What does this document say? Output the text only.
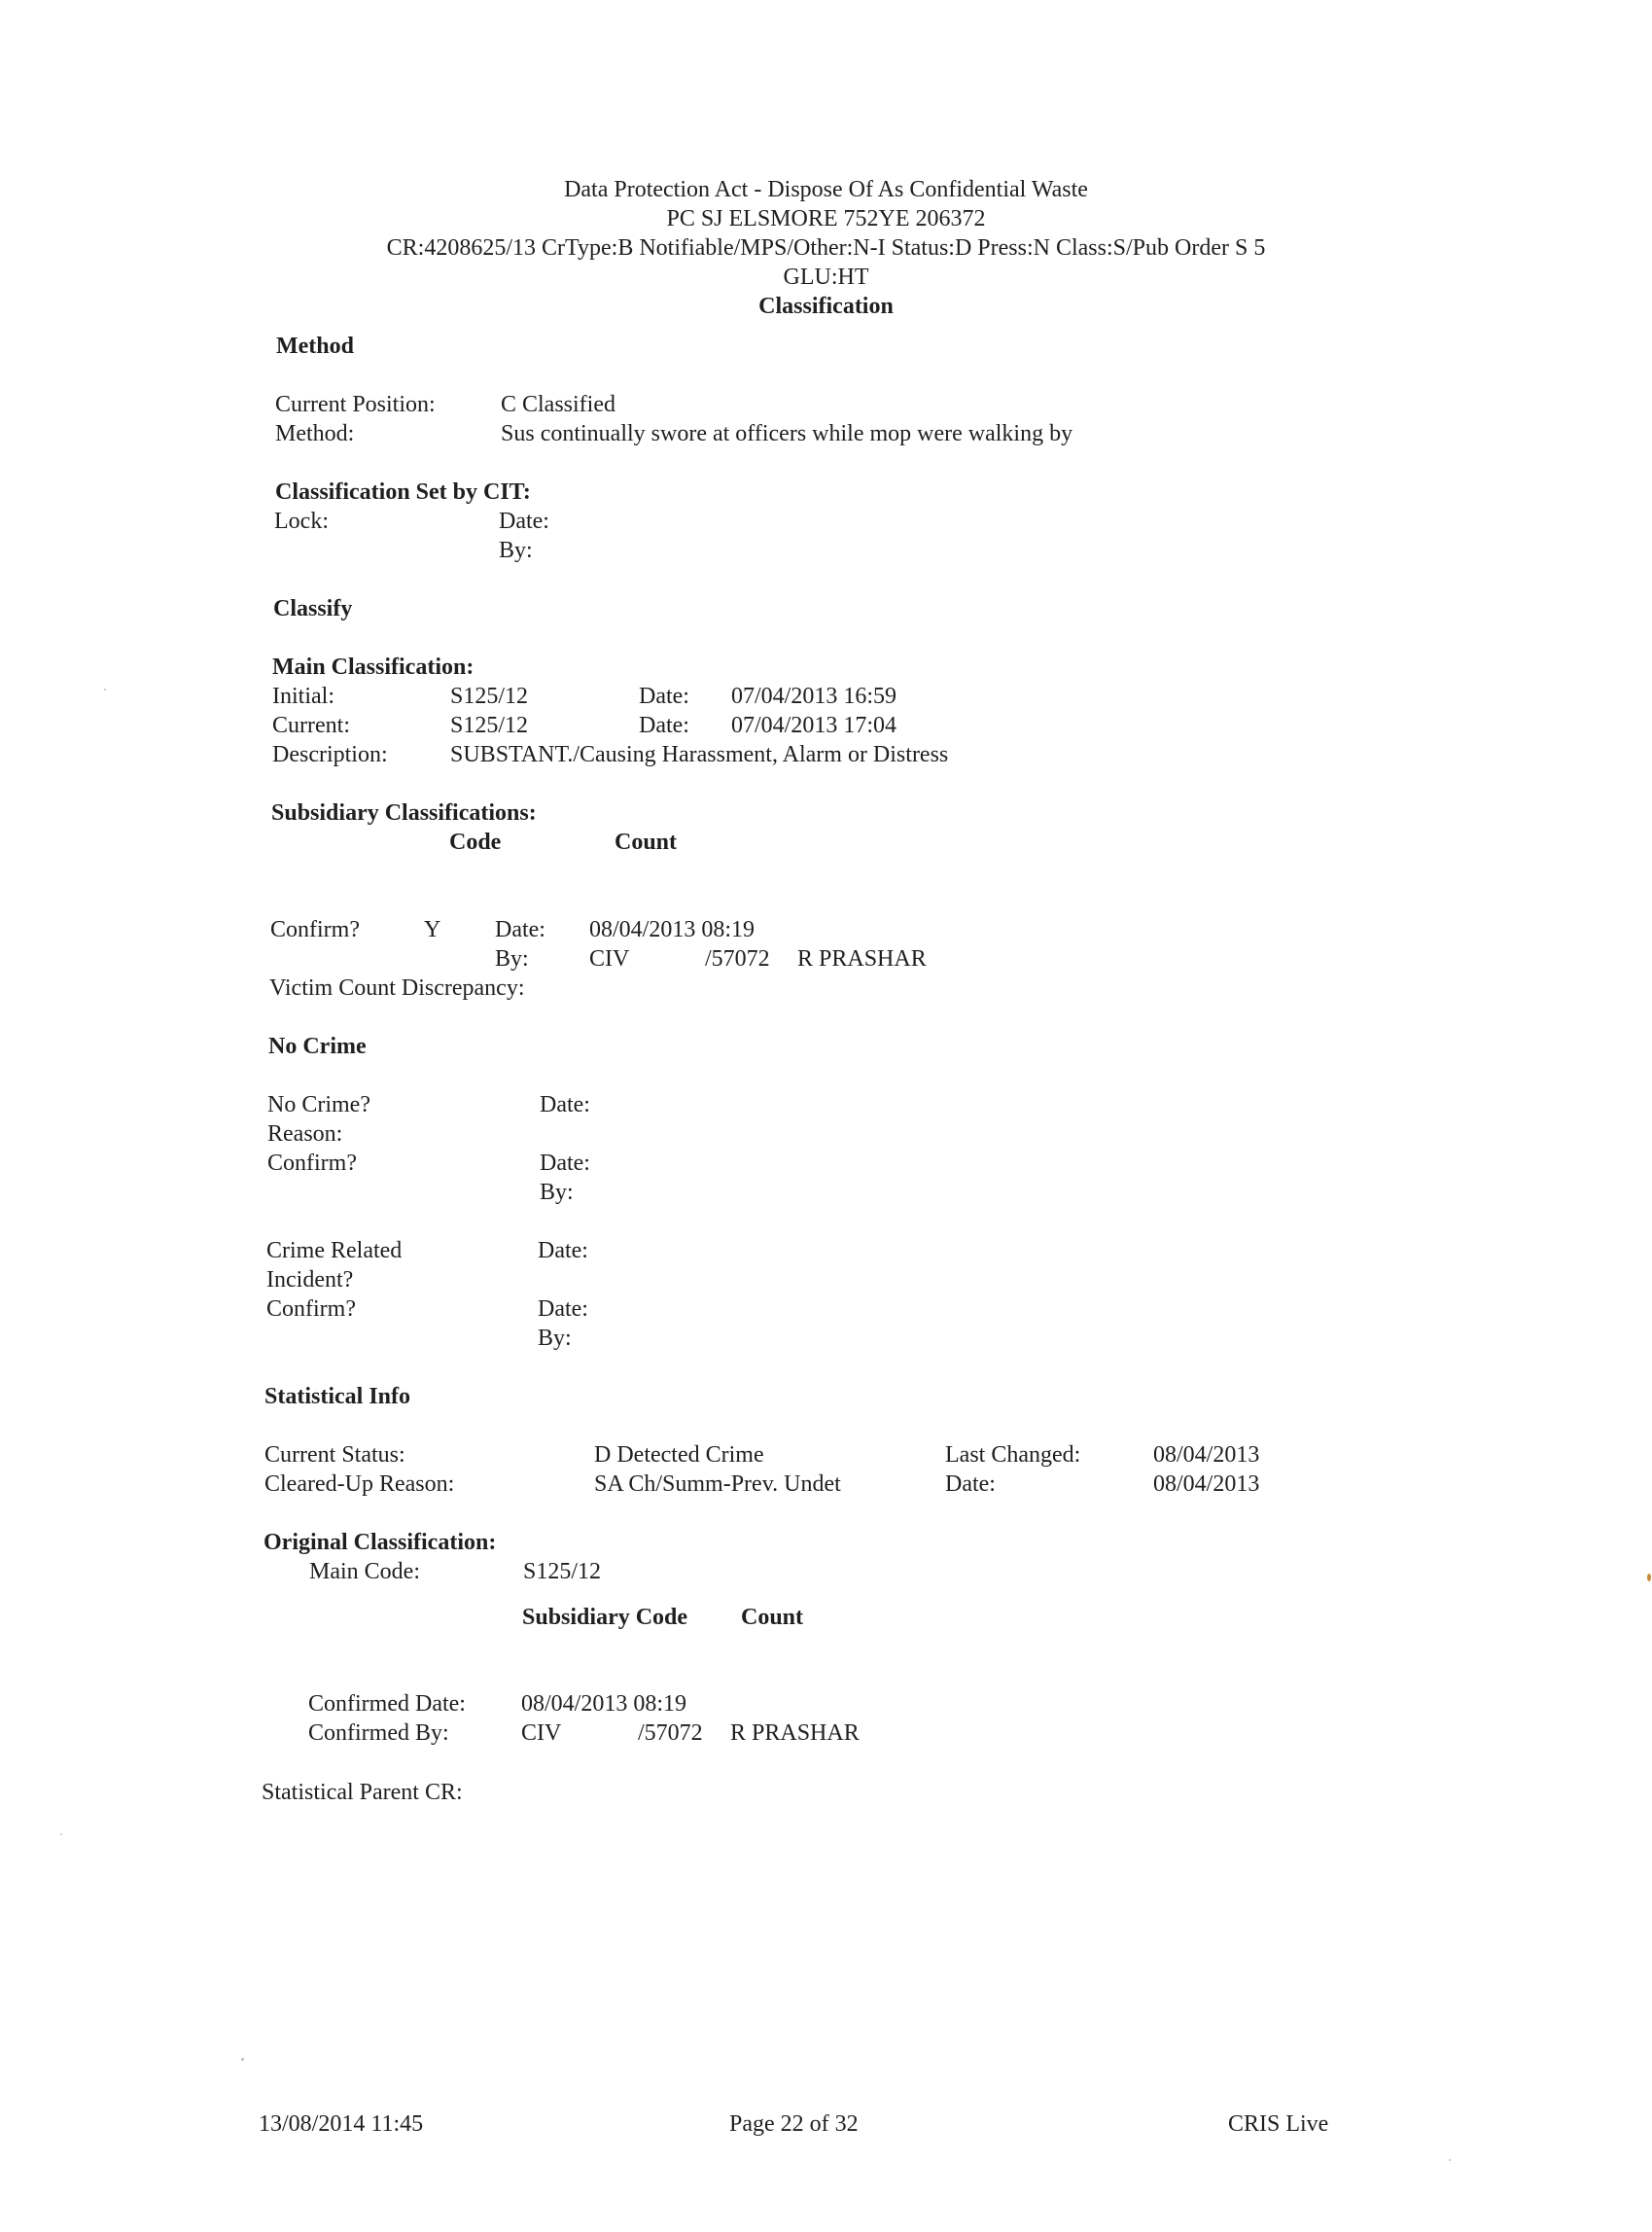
Data Protection Act - Dispose Of As Confidential Waste
PC SJ ELSMORE 752YE 206372
CR:4208625/13 CrType:B Notifiable/MPS/Other:N-I Status:D Press:N Class:S/Pub Order S 5
GLU:HT
Classification
Method
Current Position:	C Classified
Method:	Sus continually swore at officers while mop were walking by
Classification Set by CIT:
Lock:	Date:
By:
Classify
Main Classification:
Initial:	S125/12	Date: 07/04/2013 16:59
Current:	S125/12	Date: 07/04/2013 17:04
Description:	SUBSTANT./Causing Harassment, Alarm or Distress
Subsidiary Classifications:
Code	Count
Confirm?	Y Date: 08/04/2013 08:19
By:	CIV	/57072 R PRASHAR
Victim Count Discrepancy:
No Crime
No Crime?	Date:
Reason:
Confirm?	Date:
By:
Crime Related	Date:
Incident?
Confirm?	Date:
By:
Statistical Info
Current Status:	D Detected Crime	Last Changed:	08/04/2013
Cleared-Up Reason:	SA Ch/Summ-Prev. Undet	Date:	08/04/2013
Original Classification:
Main Code:	S125/12
Subsidiary Code Count
Confirmed Date: 08/04/2013 08:19
Confirmed By:	CIV	/57072 R PRASHAR
Statistical Parent CR:
13/08/2014 11:45	Page 22 of 32	CRIS Live
